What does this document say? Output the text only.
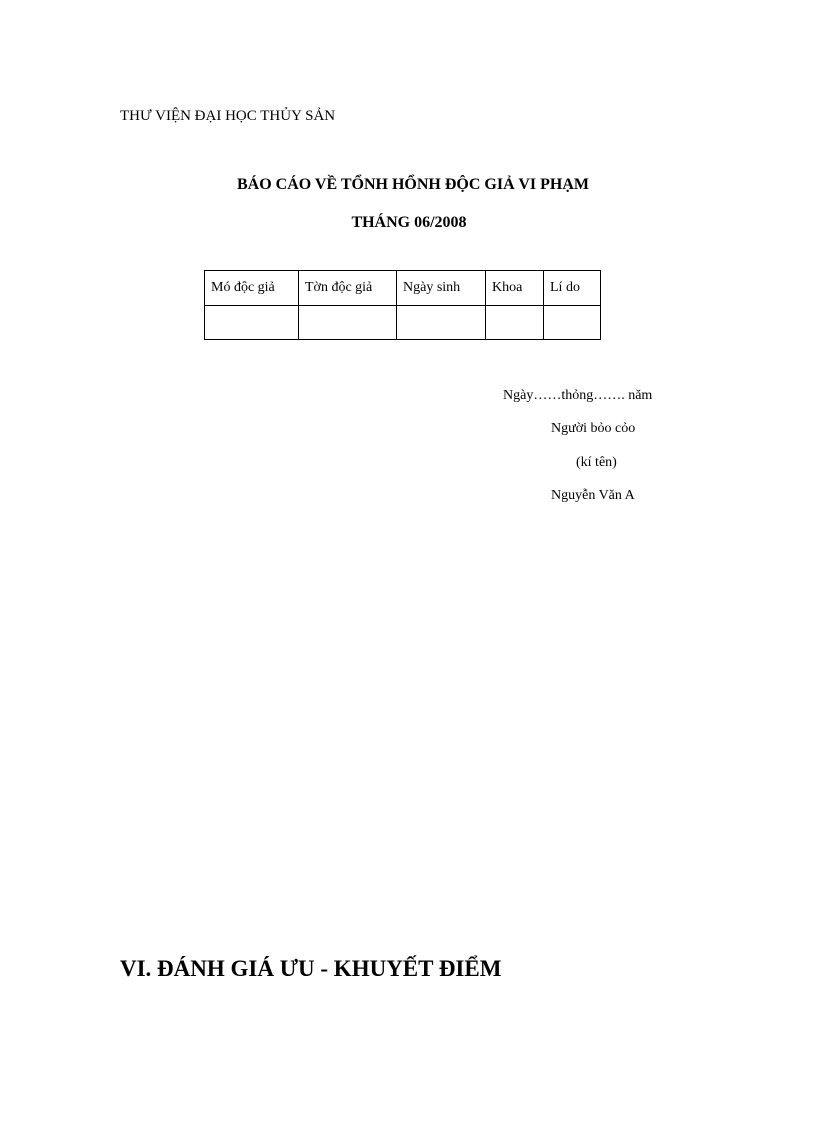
THƯ VIỆN ĐẠI HỌC THỦY SẢN
BÁO CÁO VỀ TỔNH HỔNH ĐỘC GIẢ VI PHẠM
THÁNG 06/2008
Mó độc giả	Tờn độc giả	Ngày sinh	Khoa	Lí do

Ngày……thỏng……. năm
Người bỏo cỏo
(kí tên)
Nguyễn Văn A
VI. ĐÁNH GIÁ ƯU - KHUYẾT ĐIỂM
